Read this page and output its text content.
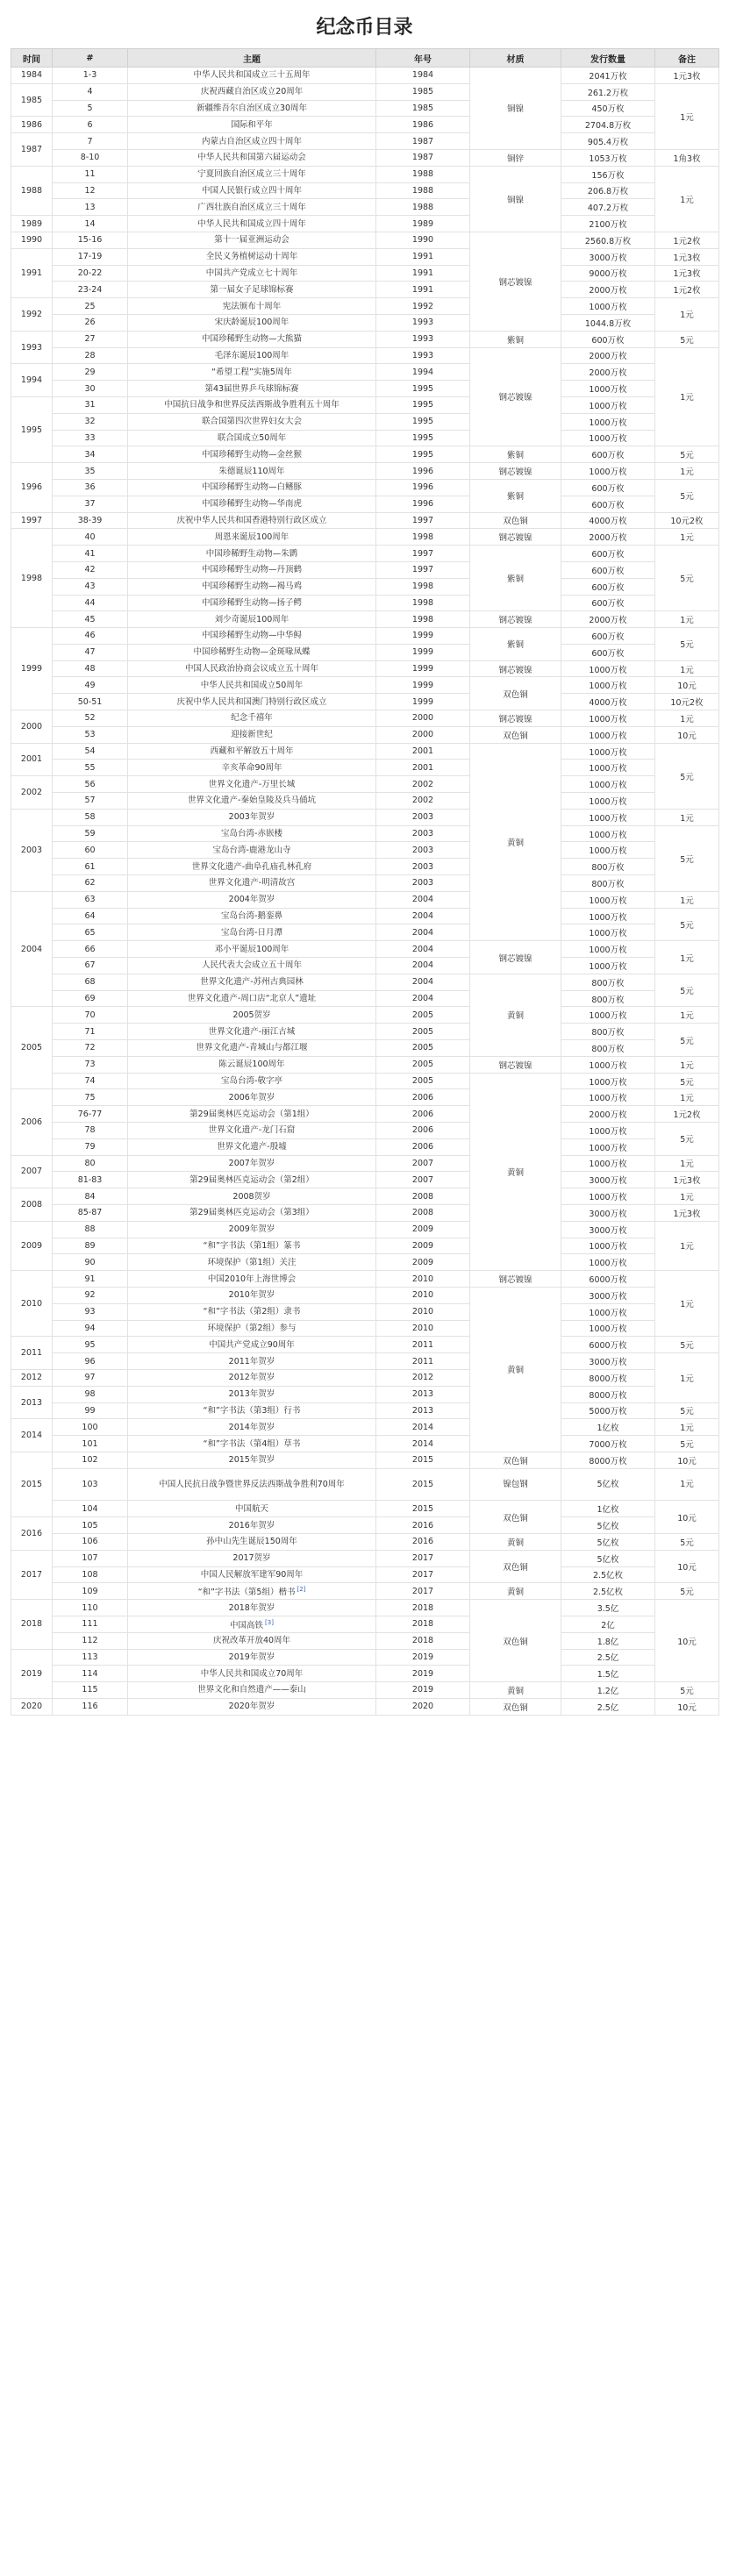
纪念币目录
时间	#	主题	年号	材质	发行数量	备注
1984	1-3	中华人民共和国成立三十五周年	1984	铜镍	2041万枚	1元3枚
1985	4	庆祝西藏自治区成立20周年	1985		261.2万枚	1元
	5	新疆维吾尔自治区成立30周年	1985		450万枚	
1986	6	国际和平年	1986		2704.8万枚	
1987	7	内蒙古自治区成立四十周年	1987		905.4万枚	
	8-10	中华人民共和国第六届运动会	1987	铜锌	1053万枚	1角3枚
1988	11	宁夏回族自治区成立三十周年	1988	铜镍	156万枚	1元
	12	中国人民银行成立四十周年	1988		206.8万枚	
	13	广西壮族自治区成立三十周年	1988		407.2万枚	
1989	14	中华人民共和国成立四十周年	1989		2100万枚	
1990	15-16	第十一届亚洲运动会	1990	钢芯镀镍	2560.8万枚	1元2枚
1991	17-19	全民义务植树运动十周年	1991		3000万枚	1元3枚
	20-22	中国共产党成立七十周年	1991		9000万枚	1元3枚
	23-24	第一届女子足球锦标赛	1991		2000万枚	1元2枚
1992	25	宪法颁布十周年	1992		1000万枚	1元
	26	宋庆龄诞辰100周年	1993		1044.8万枚	
1993	27	中国珍稀野生动物—大熊猫	1993	紫铜	600万枚	5元
	28	毛泽东诞辰100周年	1993	钢芯镀镍	2000万枚	1元
1994	29	“希望工程”实施5周年	1994		2000万枚	
	30	第43届世界乒乓球锦标赛	1995		1000万枚	
1995	31	中国抗日战争和世界反法西斯战争胜利五十周年	1995		1000万枚	
	32	联合国第四次世界妇女大会	1995		1000万枚	
	33	联合国成立50周年	1995		1000万枚	
	34	中国珍稀野生动物—金丝猴	1995	紫铜	600万枚	5元
1996	35	朱德诞辰110周年	1996	钢芯镀镍	1000万枚	1元
	36	中国珍稀野生动物—白鳍豚	1996	紫铜	600万枚	5元
	37	中国珍稀野生动物—华南虎	1996		600万枚	
1997	38-39	庆祝中华人民共和国香港特别行政区成立	1997	双色铜	4000万枚	10元2枚
1998	40	周恩来诞辰100周年	1998	钢芯镀镍	2000万枚	1元
	41	中国珍稀野生动物—朱鹮	1997	紫铜	600万枚	5元
	42	中国珍稀野生动物—丹顶鹤	1997		600万枚	
	43	中国珍稀野生动物—褐马鸡	1998		600万枚	
	44	中国珍稀野生动物—扬子鳄	1998		600万枚	
	45	刘少奇诞辰100周年	1998	钢芯镀镍	2000万枚	1元
1999	46	中国珍稀野生动物—中华鲟	1999	紫铜	600万枚	5元
	47	中国珍稀野生动物—金斑喙凤蝶	1999		600万枚	
	48	中国人民政治协商会议成立五十周年	1999	钢芯镀镍	1000万枚	1元
	49	中华人民共和国成立50周年	1999	双色铜	1000万枚	10元
	50-51	庆祝中华人民共和国澳门特别行政区成立	1999		4000万枚	10元2枚
2000	52	纪念千禧年	2000	钢芯镀镍	1000万枚	1元
	53	迎接新世纪	2000	双色铜	1000万枚	10元
2001	54	西藏和平解放五十周年	2001	黄铜	1000万枚	5元
	55	辛亥革命90周年	2001		1000万枚	
2002	56	世界文化遗产-万里长城	2002		1000万枚	
	57	世界文化遗产-秦始皇陵及兵马俑坑	2002		1000万枚	
2003	58	2003年贺岁	2003		1000万枚	1元
	59	宝岛台湾-赤嵌楼	2003		1000万枚	5元
	60	宝岛台湾-鹿港龙山寺	2003		1000万枚	
	61	世界文化遗产-曲阜孔庙孔林孔府	2003		800万枚	
	62	世界文化遗产-明清故宫	2003		800万枚	
2004	63	2004年贺岁	2004		1000万枚	1元
	64	宝岛台湾-鹅銮鼻	2004		1000万枚	5元
	65	宝岛台湾-日月潭	2004		1000万枚	
	66	邓小平诞辰100周年	2004	钢芯镀镍	1000万枚	1元
	67	人民代表大会成立五十周年	2004		1000万枚	
	68	世界文化遗产-苏州古典园林	2004	黄铜	800万枚	5元
	69	世界文化遗产-周口店“北京人”遗址	2004		800万枚	
2005	70	2005贺岁	2005		1000万枚	1元
	71	世界文化遗产-丽江古城	2005		800万枚	5元
	72	世界文化遗产-青城山与都江堰	2005		800万枚	
	73	陈云诞辰100周年	2005	钢芯镀镍	1000万枚	1元
	74	宝岛台湾-敬字亭	2005	黄铜	1000万枚	5元
2006	75	2006年贺岁	2006		1000万枚	1元
	76-77	第29届奥林匹克运动会（第1组）	2006		2000万枚	1元2枚
	78	世界文化遗产-龙门石窟	2006		1000万枚	5元
	79	世界文化遗产-殷墟	2006		1000万枚	
2007	80	2007年贺岁	2007		1000万枚	1元
	81-83	第29届奥林匹克运动会（第2组）	2007		3000万枚	1元3枚
2008	84	2008贺岁	2008		1000万枚	1元
	85-87	第29届奥林匹克运动会（第3组）	2008		3000万枚	1元3枚
2009	88	2009年贺岁	2009		3000万枚	1元
	89	“和”字书法（第1组）篆书	2009		1000万枚	
	90	环境保护（第1组）关注	2009		1000万枚	
2010	91	中国2010年上海世博会	2010	钢芯镀镍	6000万枚	1元
	92	2010年贺岁	2010	黄铜	3000万枚	
	93	“和”字书法（第2组）隶书	2010		1000万枚	
	94	环境保护（第2组）参与	2010		1000万枚	
2011	95	中国共产党成立90周年	2011		6000万枚	5元
	96	2011年贺岁	2011		3000万枚	1元
2012	97	2012年贺岁	2012		8000万枚	
2013	98	2013年贺岁	2013		8000万枚	
	99	“和”字书法（第3组）行书	2013		5000万枚	5元
2014	100	2014年贺岁	2014		1亿枚	1元
	101	“和”字书法（第4组）草书	2014		7000万枚	5元
2015	102	2015年贺岁	2015	双色铜	8000万枚	10元
	103	中国人民抗日战争暨世界反法西斯战争胜利70周年	2015	镍包钢	5亿枚	1元
	104	中国航天	2015	双色铜	1亿枚	10元
2016	105	2016年贺岁	2016		5亿枚	
	106	孙中山先生诞辰150周年	2016	黄铜	5亿枚	5元
2017	107	2017贺岁	2017	双色铜	5亿枚	10元
	108	中国人民解放军建军90周年	2017		2.5亿枚	
	109	“和”字书法（第5组）楷书 [2]	2017	黄铜	2.5亿枚	5元
2018	110	2018年贺岁	2018	双色铜	3.5亿	10元
	111	中国高铁 [3]	2018		2亿	
	112	庆祝改革开放40周年	2018		1.8亿	
2019	113	2019年贺岁	2019		2.5亿	
	114	中华人民共和国成立70周年	2019		1.5亿	
	115	世界文化和自然遗产——泰山	2019	黄铜	1.2亿	5元
2020	116	2020年贺岁	2020	双色铜	2.5亿	10元
